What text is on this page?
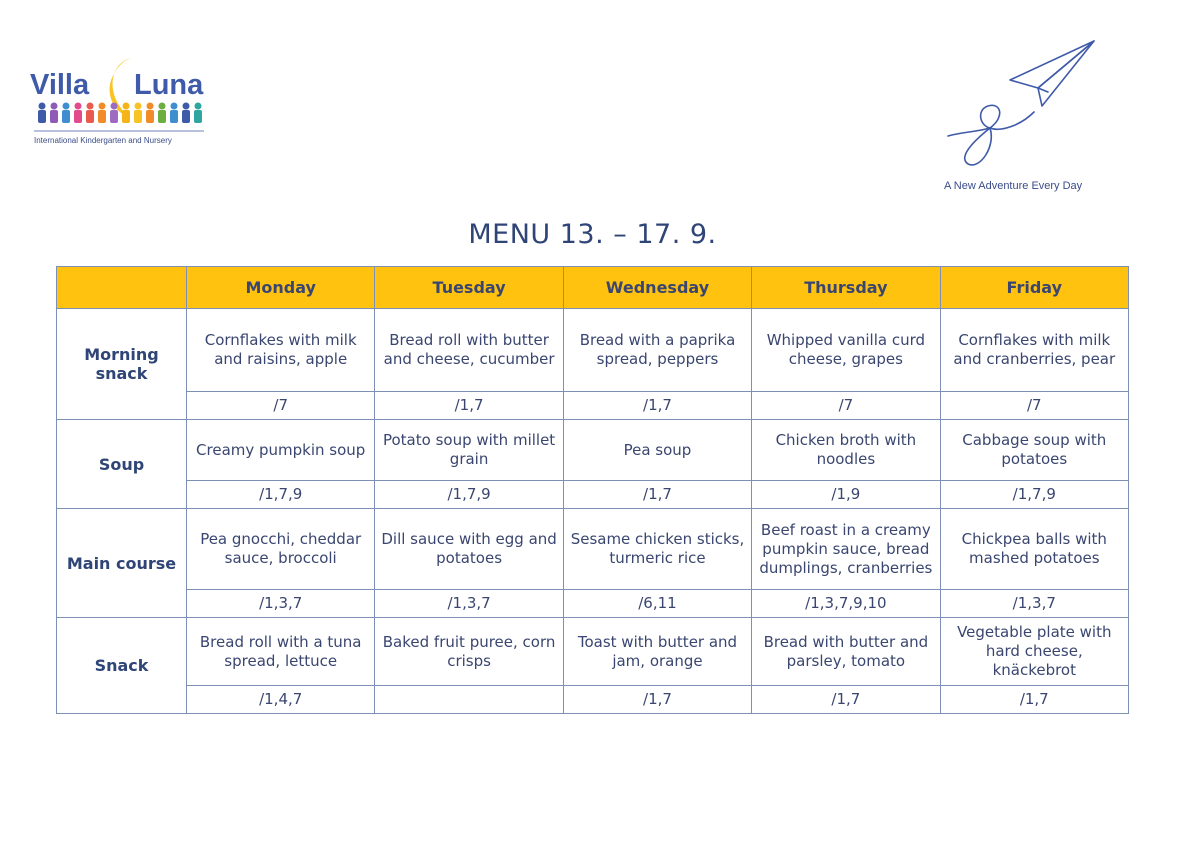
Villa Luna
International Kindergarten and Nursery
A New Adventure Every Day
MENU 13. – 17. 9.
	Monday	Tuesday	Wednesday	Thursday	Friday
Morning snack	Cornflakes with milk and raisins, apple	Bread roll with butter and cheese, cucumber	Bread with a paprika spread, peppers	Whipped vanilla curd cheese, grapes	Cornflakes with milk and cranberries, pear
	/7	/1,7	/1,7	/7	/7
Soup	Creamy pumpkin soup	Potato soup with millet grain	Pea soup	Chicken broth with noodles	Cabbage soup with potatoes
	/1,7,9	/1,7,9	/1,7	/1,9	/1,7,9
Main course	Pea gnocchi, cheddar sauce, broccoli	Dill sauce with egg and potatoes	Sesame chicken sticks, turmeric rice	Beef roast in a creamy pumpkin sauce, bread dumplings, cranberries	Chickpea balls with mashed potatoes
	/1,3,7	/1,3,7	/6,11	/1,3,7,9,10	/1,3,7
Snack	Bread roll with a tuna spread, lettuce	Baked fruit puree, corn crisps	Toast with butter and jam, orange	Bread with butter and parsley, tomato	Vegetable plate with hard cheese, knäckebrot
	/1,4,7		/1,7	/1,7	/1,7
